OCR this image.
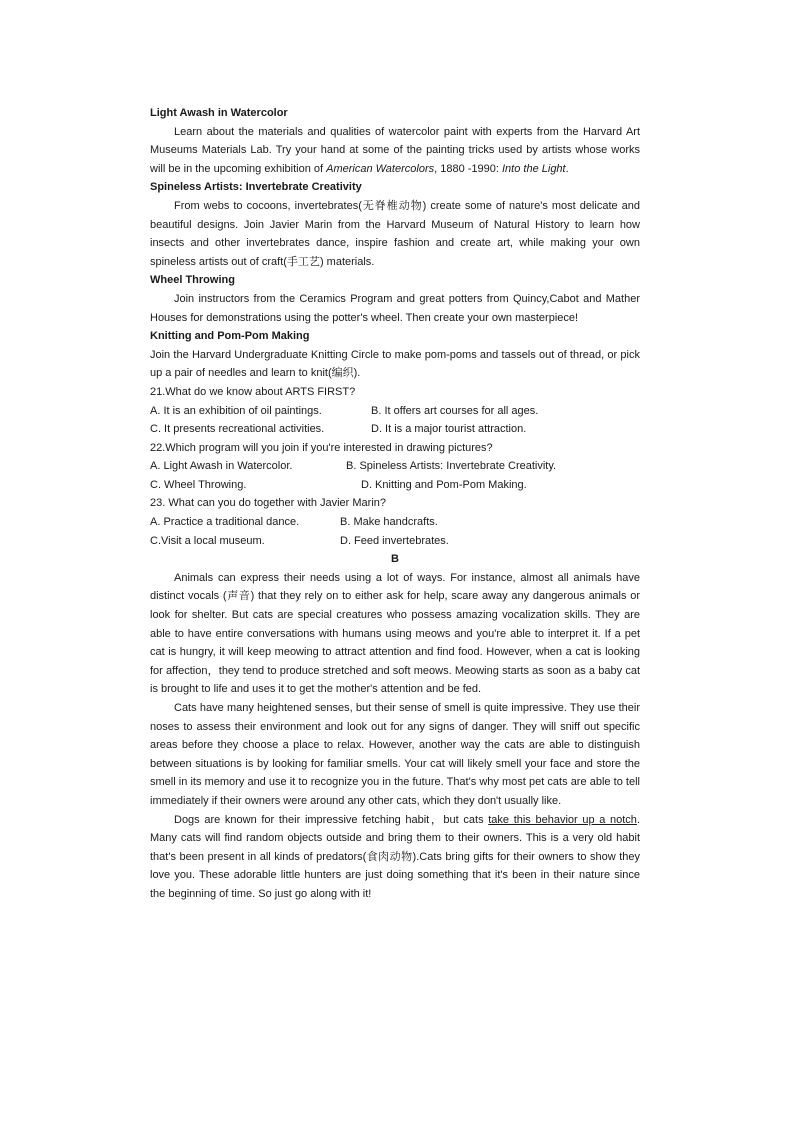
Light Awash in Watercolor

Learn about the materials and qualities of watercolor paint with experts from the Harvard Art Museums Materials Lab. Try your hand at some of the painting tricks used by artists whose works will be in the upcoming exhibition of American Watercolors, 1880 -1990: Into the Light.

Spineless Artists: Invertebrate Creativity

From webs to cocoons, invertebrates(无脊椎动物) create some of nature's most delicate and beautiful designs. Join Javier Marin from the Harvard Museum of Natural History to learn how insects and other invertebrates dance, inspire fashion and create art, while making your own spineless artists out of craft(手工艺) materials.

Wheel Throwing

Join instructors from the Ceramics Program and great potters from Quincy,Cabot and Mather Houses for demonstrations using the potter's wheel. Then create your own masterpiece!

Knitting and Pom-Pom Making

Join the Harvard Undergraduate Knitting Circle to make pom-poms and tassels out of thread, or pick up a pair of needles and learn to knit(编织).

21.What do we know about ARTS FIRST?

A. It is an exhibition of oil paintings.	B. It offers art courses for all ages.
C. It presents recreational activities.	D. It is a major tourist attraction.

22.Which program will you join if you're interested in drawing pictures?

A. Light Awash in Watercolor.	B. Spineless Artists: Invertebrate Creativity.
C. Wheel Throwing.	D. Knitting and Pom-Pom Making.

23. What can you do together with Javier Marin?

A. Practice a traditional dance.	B. Make handcrafts.
C.Visit a local museum.	D. Feed invertebrates.

B

Animals can express their needs using a lot of ways. For instance, almost all animals have distinct vocals (声音) that they rely on to either ask for help, scare away any dangerous animals or look for shelter. But cats are special creatures who possess amazing vocalization skills. They are able to have entire conversations with humans using meows and you're able to interpret it. If a pet cat is hungry, it will keep meowing to attract attention and find food. However, when a cat is looking for affection，they tend to produce stretched and soft meows. Meowing starts as soon as a baby cat is brought to life and uses it to get the mother's attention and be fed.

Cats have many heightened senses, but their sense of smell is quite impressive. They use their noses to assess their environment and look out for any signs of danger. They will sniff out specific areas before they choose a place to relax. However, another way the cats are able to distinguish between situations is by looking for familiar smells. Your cat will likely smell your face and store the smell in its memory and use it to recognize you in the future. That's why most pet cats are able to tell immediately if their owners were around any other cats, which they don't usually like.

Dogs are known for their impressive fetching habit，but cats take this behavior up a notch. Many cats will find random objects outside and bring them to their owners. This is a very old habit that's been present in all kinds of predators(食肉动物).Cats bring gifts for their owners to show they love you. These adorable little hunters are just doing something that it's been in their nature since the beginning of time. So just go along with it!
